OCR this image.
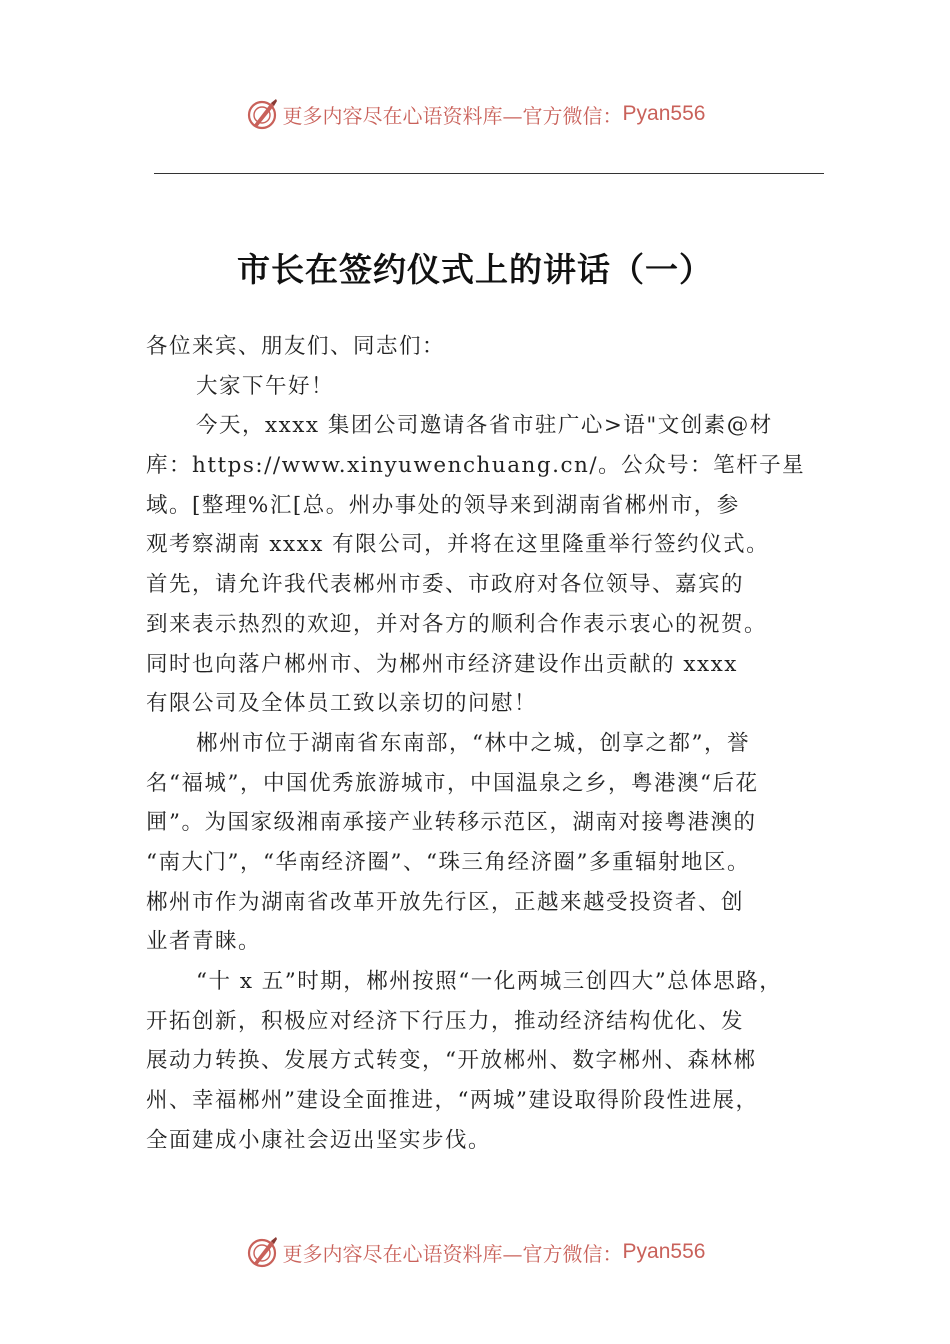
更多内容尽在心语资料库—官方微信： Pyan556
市长在签约仪式上的讲话（一）
各位来宾、朋友们、同志们：
大家下午好！
今天，xxxx 集团公司邀请各省市驻广心>语"文创素@材
库：https://www.xinyuwenchuang.cn/。公众号：笔杆子星
域。[整理%汇[总。州办事处的领导来到湖南省郴州市，参
观考察湖南 xxxx 有限公司，并将在这里隆重举行签约仪式。
首先，请允许我代表郴州市委、市政府对各位领导、嘉宾的
到来表示热烈的欢迎，并对各方的顺利合作表示衷心的祝贺。
同时也向落户郴州市、为郴州市经济建设作出贡献的 xxxx
有限公司及全体员工致以亲切的问慰！
郴州市位于湖南省东南部，“林中之城，创享之都”，誉
名“福城”，中国优秀旅游城市，中国温泉之乡，粤港澳“后花
㘡”。为国家级湘南承接产业转移示范区，湖南对接粤港澳的
“南大门”，“华南经济圈”、“珠三角经济圈”多重辐射地区。
郴州市作为湖南省改革开放先行区，正越来越受投资者、创
业者青睐。
“十 x 五”时期，郴州按照“一化两城三创四大”总体思路，
开拓创新，积极应对经济下行压力，推动经济结构优化、发
展动力转换、发展方式转变，“开放郴州、数字郴州、森林郴
州、幸福郴州”建设全面推进，“两城”建设取得阶段性进展，
全面建成小康社会迈出坚实步伐。
更多内容尽在心语资料库—官方微信： Pyan556
